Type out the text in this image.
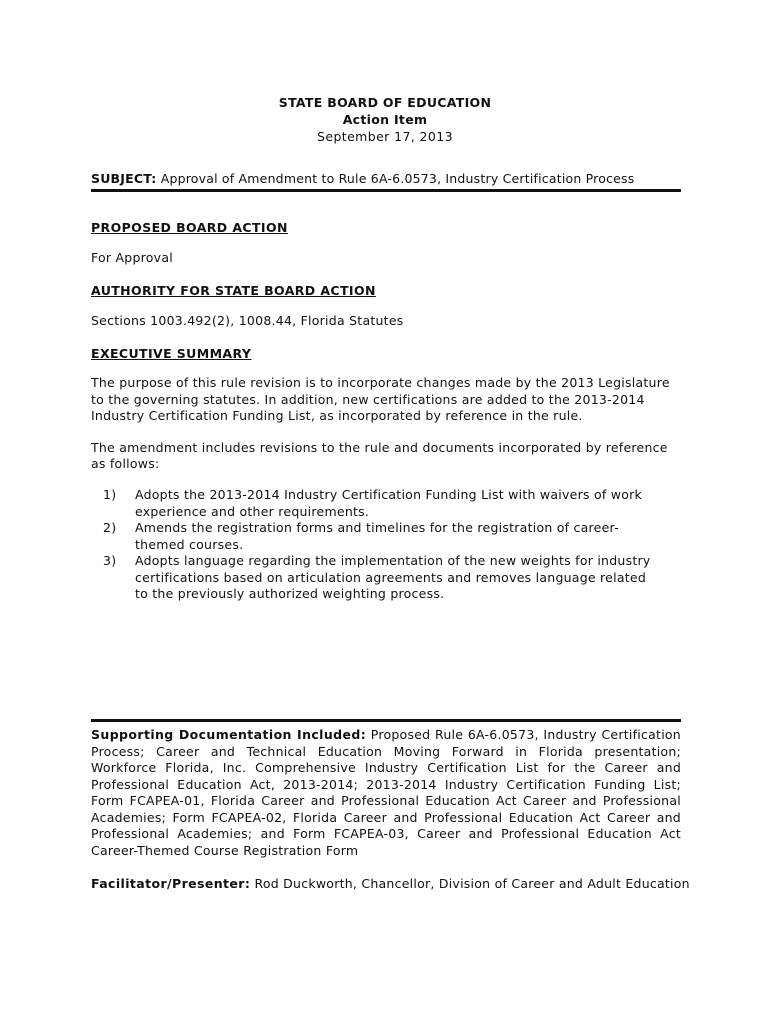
STATE BOARD OF EDUCATION
Action Item
September 17, 2013
SUBJECT: Approval of Amendment to Rule 6A-6.0573, Industry Certification Process
PROPOSED BOARD ACTION
For Approval
AUTHORITY FOR STATE BOARD ACTION
Sections 1003.492(2), 1008.44, Florida Statutes
EXECUTIVE SUMMARY
The purpose of this rule revision is to incorporate changes made by the 2013 Legislature to the governing statutes. In addition, new certifications are added to the 2013-2014 Industry Certification Funding List, as incorporated by reference in the rule.
The amendment includes revisions to the rule and documents incorporated by reference as follows:
1) Adopts the 2013-2014 Industry Certification Funding List with waivers of work experience and other requirements.
2) Amends the registration forms and timelines for the registration of career-themed courses.
3) Adopts language regarding the implementation of the new weights for industry certifications based on articulation agreements and removes language related to the previously authorized weighting process.
Supporting Documentation Included: Proposed Rule 6A-6.0573, Industry Certification Process; Career and Technical Education Moving Forward in Florida presentation; Workforce Florida, Inc. Comprehensive Industry Certification List for the Career and Professional Education Act, 2013-2014; 2013-2014 Industry Certification Funding List; Form FCAPEA-01, Florida Career and Professional Education Act Career and Professional Academies; Form FCAPEA-02, Florida Career and Professional Education Act Career and Professional Academies; and Form FCAPEA-03, Career and Professional Education Act Career-Themed Course Registration Form
Facilitator/Presenter: Rod Duckworth, Chancellor, Division of Career and Adult Education
